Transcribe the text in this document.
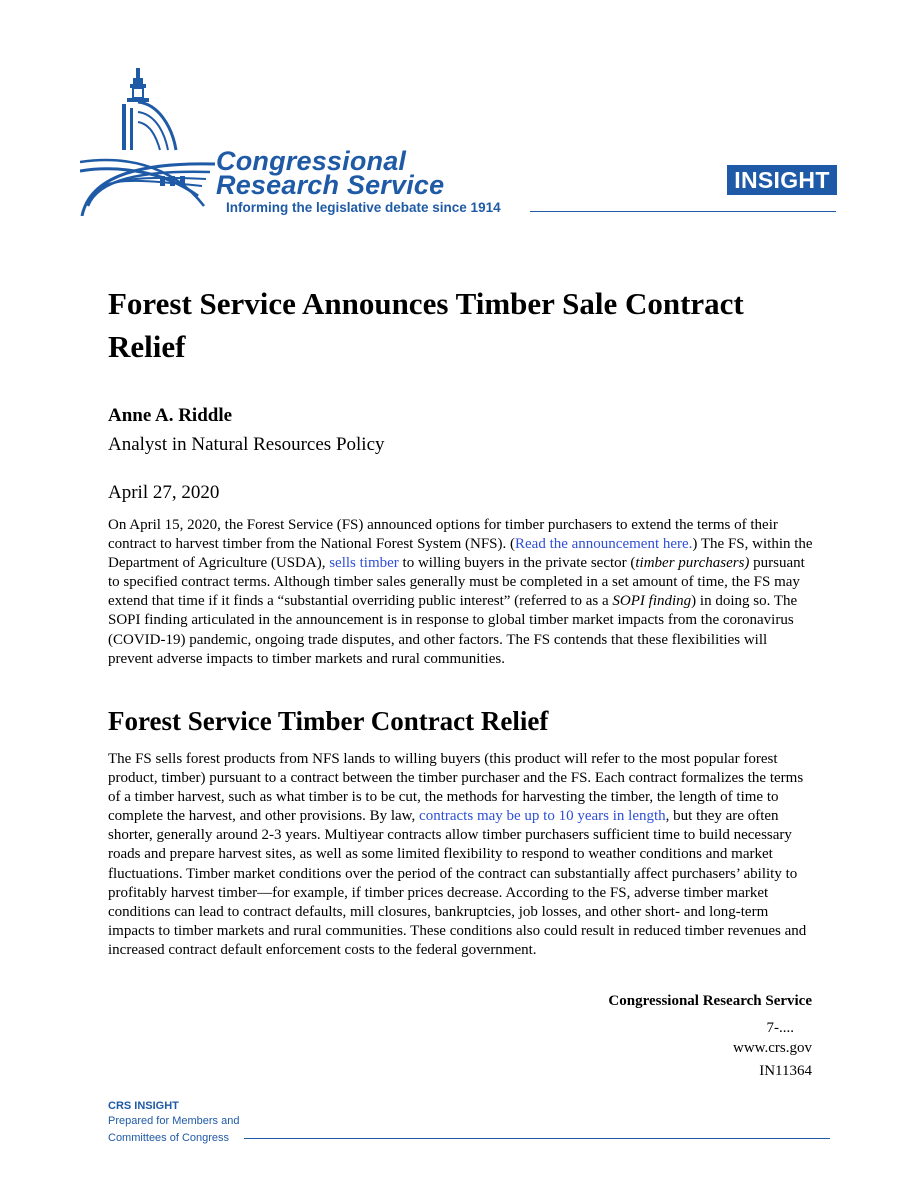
Congressional
Research Service
Informing the legislative debate since 1914
INSIGHT
Forest Service Announces Timber Sale Contract Relief
Anne A. Riddle
Analyst in Natural Resources Policy
April 27, 2020

On April 15, 2020, the Forest Service (FS) announced options for timber purchasers to extend the terms of their contract to harvest timber from the National Forest System (NFS). (Read the announcement here.) The FS, within the Department of Agriculture (USDA), sells timber to willing buyers in the private sector (timber purchasers) pursuant to specified contract terms. Although timber sales generally must be completed in a set amount of time, the FS may extend that time if it finds a “substantial overriding public interest” (referred to as a SOPI finding) in doing so. The SOPI finding articulated in the announcement is in response to global timber market impacts from the coronavirus (COVID-19) pandemic, ongoing trade disputes, and other factors. The FS contends that these flexibilities will prevent adverse impacts to timber markets and rural communities.

Forest Service Timber Contract Relief

The FS sells forest products from NFS lands to willing buyers (this product will refer to the most popular forest product, timber) pursuant to a contract between the timber purchaser and the FS. Each contract formalizes the terms of a timber harvest, such as what timber is to be cut, the methods for harvesting the timber, the length of time to complete the harvest, and other provisions. By law, contracts may be up to 10 years in length, but they are often shorter, generally around 2-3 years. Multiyear contracts allow timber purchasers sufficient time to build necessary roads and prepare harvest sites, as well as some limited flexibility to respond to weather conditions and market fluctuations. Timber market conditions over the period of the contract can substantially affect purchasers’ ability to profitably harvest timber—for example, if timber prices decrease. According to the FS, adverse timber market conditions can lead to contract defaults, mill closures, bankruptcies, job losses, and other short- and long-term impacts to timber markets and rural communities. These conditions also could result in reduced timber revenues and increased contract default enforcement costs to the federal government.

Congressional Research Service
7-....
www.crs.gov
IN11364
CRS INSIGHT
Prepared for Members and
Committees of Congress
